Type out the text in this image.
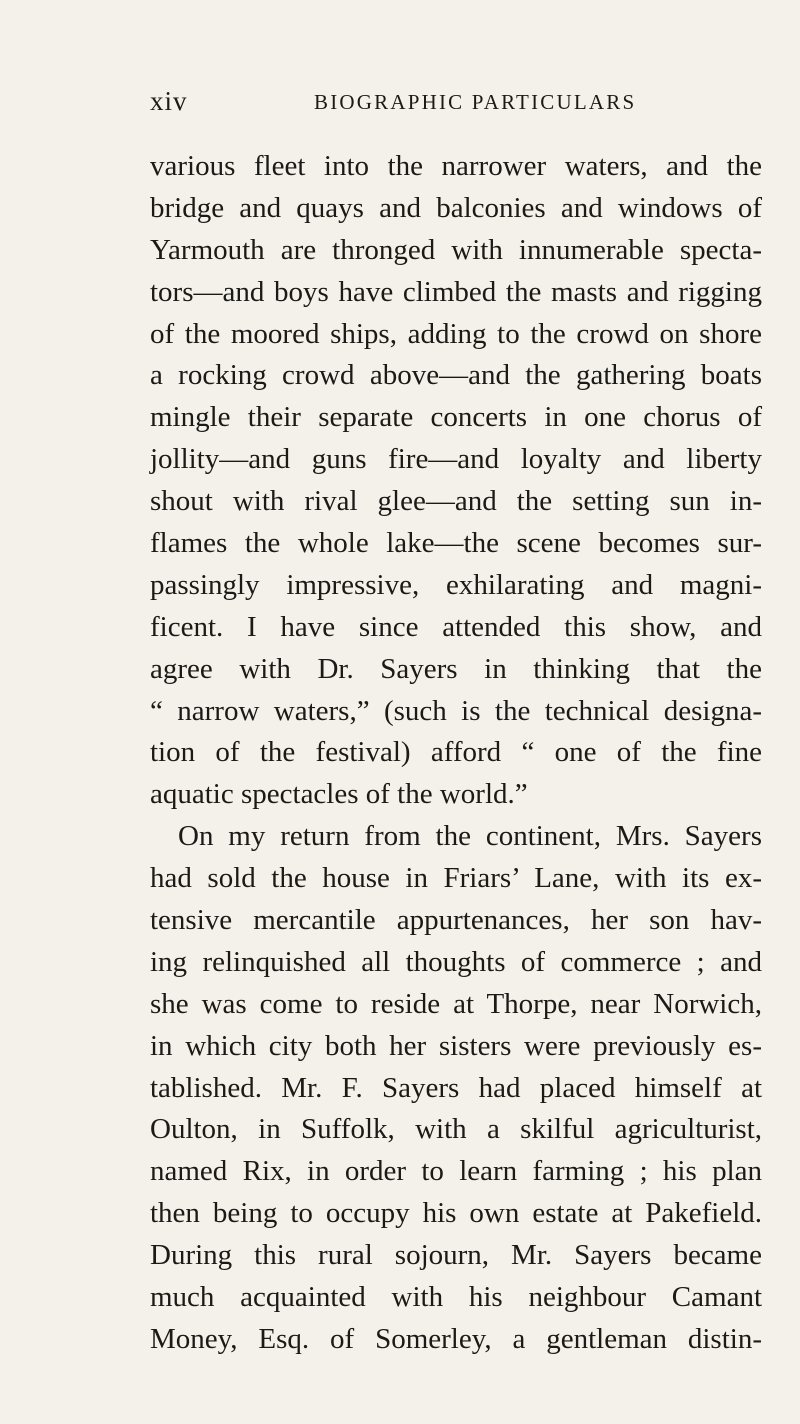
xiv	BIOGRAPHIC PARTICULARS
various fleet into the narrower waters, and the
bridge and quays and balconies and windows of
Yarmouth are thronged with innumerable specta-
tors—and boys have climbed the masts and rigging
of the moored ships, adding to the crowd on shore
a rocking crowd above—and the gathering boats
mingle their separate concerts in one chorus of
jollity—and guns fire—and loyalty and liberty
shout with rival glee—and the setting sun in-
flames the whole lake—the scene becomes sur-
passingly impressive, exhilarating and magni-
ficent. I have since attended this show, and
agree with Dr. Sayers in thinking that the
“ narrow waters,” (such is the technical designa-
tion of the festival) afford “ one of the fine
aquatic spectacles of the world.”
On my return from the continent, Mrs. Sayers
had sold the house in Friars’ Lane, with its ex-
tensive mercantile appurtenances, her son hav-
ing relinquished all thoughts of commerce ; and
she was come to reside at Thorpe, near Norwich,
in which city both her sisters were previously es-
tablished. Mr. F. Sayers had placed himself at
Oulton, in Suffolk, with a skilful agriculturist,
named Rix, in order to learn farming ; his plan
then being to occupy his own estate at Pakefield.
During this rural sojourn, Mr. Sayers became
much acquainted with his neighbour Camant
Money, Esq. of Somerley, a gentleman distin-
